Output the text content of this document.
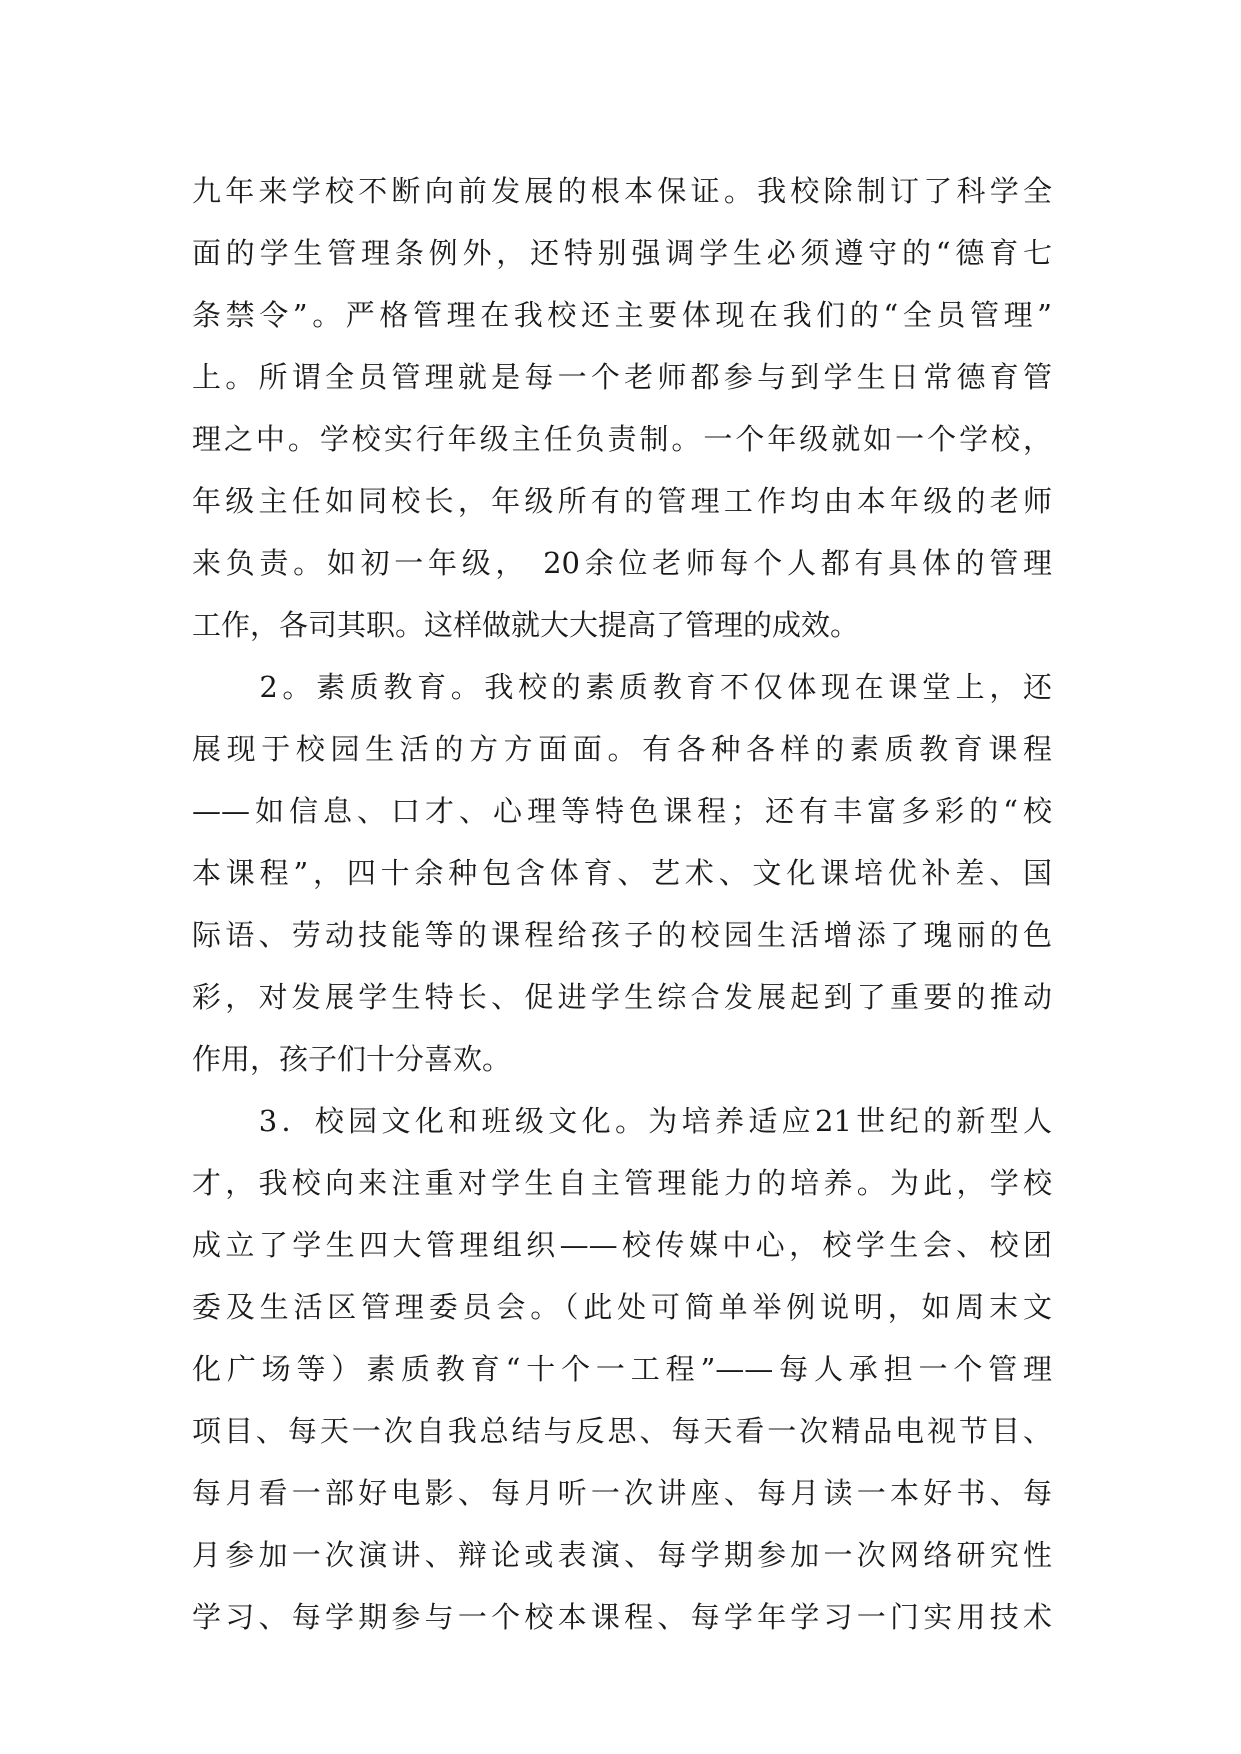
九年来学校不断向前发展的根本保证。我校除制订了科学全
面的学生管理条例外，还特别强调学生必须遵守的“德育七
条禁令”。严格管理在我校还主要体现在我们的“全员管理”
上。所谓全员管理就是每一个老师都参与到学生日常德育管
理之中。学校实行年级主任负责制。一个年级就如一个学校，
年级主任如同校长，年级所有的管理工作均由本年级的老师
来负责。如初一年级， 20余位老师每个人都有具体的管理
工作，各司其职。这样做就大大提高了管理的成效。
　　2。素质教育。我校的素质教育不仅体现在课堂上，还
展现于校园生活的方方面面。有各种各样的素质教育课程
——如信息、口才、心理等特色课程；还有丰富多彩的“校
本课程”，四十余种包含体育、艺术、文化课培优补差、国
际语、劳动技能等的课程给孩子的校园生活增添了瑰丽的色
彩，对发展学生特长、促进学生综合发展起到了重要的推动
作用，孩子们十分喜欢。
　　3．校园文化和班级文化。为培养适应21世纪的新型人
才，我校向来注重对学生自主管理能力的培养。为此，学校
成立了学生四大管理组织——校传媒中心，校学生会、校团
委及生活区管理委员会。（此处可简单举例说明，如周末文
化广场等）素质教育“十个一工程”——每人承担一个管理
项目、每天一次自我总结与反思、每天看一次精品电视节目、
每月看一部好电影、每月听一次讲座、每月读一本好书、每
月参加一次演讲、辩论或表演、每学期参加一次网络研究性
学习、每学期参与一个校本课程、每学年学习一门实用技术
